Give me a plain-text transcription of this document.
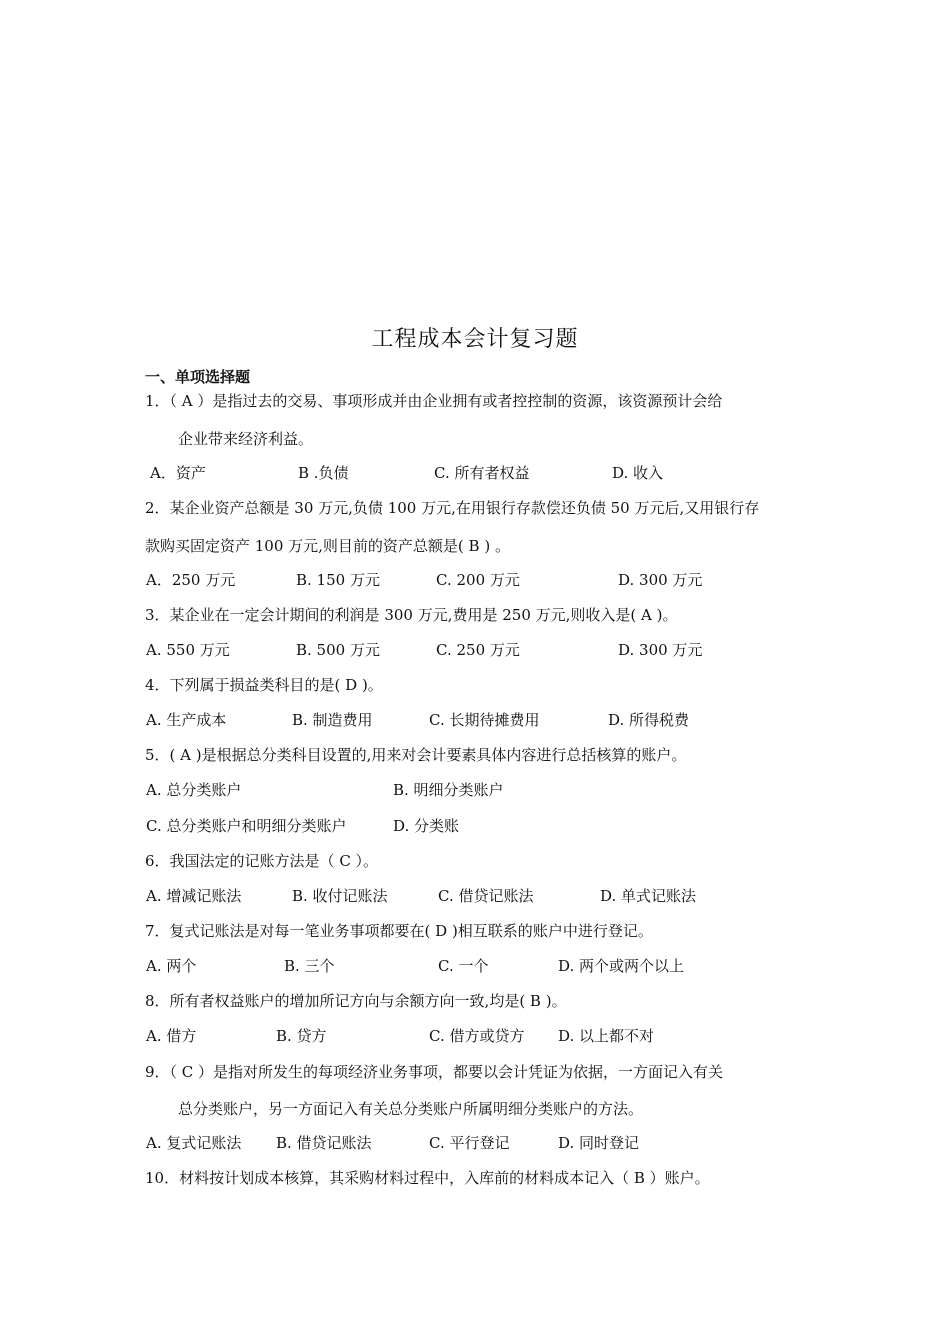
工程成本会计复习题
一、单项选择题
1．（ A ）是指过去的交易、事项形成并由企业拥有或者控控制的资源，该资源预计会给
企业带来经济利益。
A．资产	B .负债	C. 所有者权益	D. 收入
2．某企业资产总额是 30 万元,负债 100 万元,在用银行存款偿还负债 50 万元后,又用银行存
款购买固定资产 100 万元,则目前的资产总额是( B ) 。
A．250 万元	B. 150 万元	C. 200 万元	D. 300 万元
3．某企业在一定会计期间的利润是 300 万元,费用是 250 万元,则收入是( A )。
A. 550 万元	B. 500 万元	C. 250 万元	D. 300 万元
4．下列属于损益类科目的是( D )。
A. 生产成本	B. 制造费用	C. 长期待摊费用	D. 所得税费
5．( A )是根据总分类科目设置的,用来对会计要素具体内容进行总括核算的账户。
A. 总分类账户	B. 明细分类账户
C. 总分类账户和明细分类账户	D. 分类账
6．我国法定的记账方法是（ C ）。
A. 增减记账法	B. 收付记账法	C. 借贷记账法	D. 单式记账法
7．复式记账法是对每一笔业务事项都要在( D )相互联系的账户中进行登记。
A. 两个	B. 三个	C. 一个	D. 两个或两个以上
8．所有者权益账户的增加所记方向与余额方向一致,均是( B )。
A. 借方	B. 贷方	C. 借方或贷方 D. 以上都不对
9．（ C ）是指对所发生的每项经济业务事项，都要以会计凭证为依据，一方面记入有关
总分类账户，另一方面记入有关总分类账户所属明细分类账户的方法。
A. 复式记账法 B. 借贷记账法	C. 平行登记	D. 同时登记
10．材料按计划成本核算，其采购材料过程中，入库前的材料成本记入（ B ）账户。
